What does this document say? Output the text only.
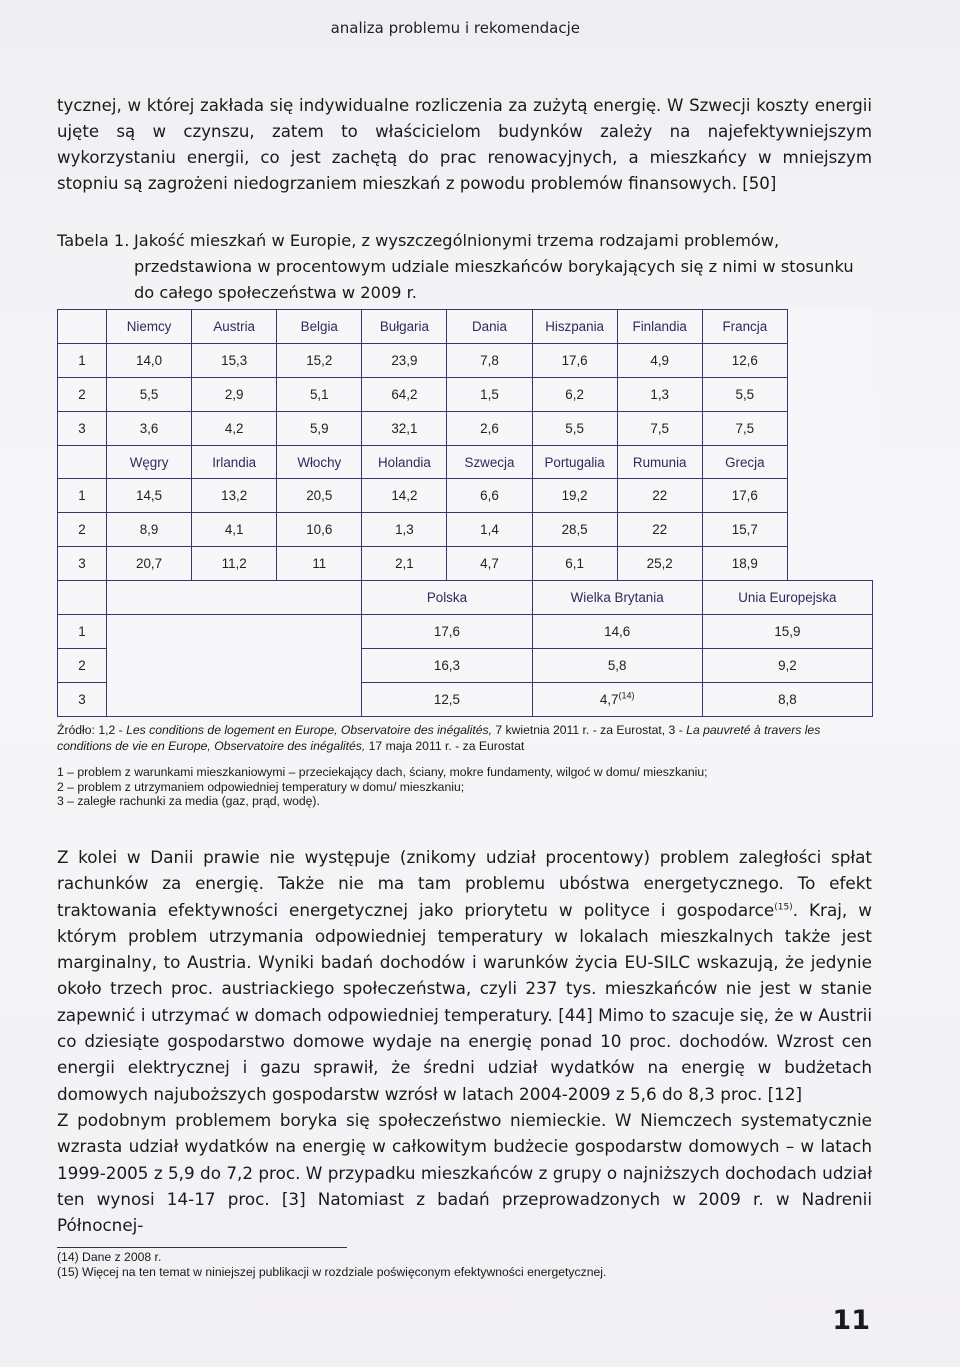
analiza problemu i rekomendacje
tycznej, w której zakłada się indywidualne rozliczenia za zużytą energię. W Szwecji koszty energii ujęte są w czynszu, zatem to właścicielom budynków zależy na najefektywniejszym wykorzystaniu energii, co jest zachętą do prac renowacyjnych, a mieszkańcy w mniejszym stopniu są zagrożeni niedogrzaniem mieszkań z powodu problemów finansowych. [50]
Tabela 1. Jakość mieszkań w Europie, z wyszczególnionymi trzema rodzajami problemów, przedstawiona w procentowym udziale mieszkańców borykających się z nimi w stosunku do całego społeczeństwa w 2009 r.
	Niemcy	Austria	Belgia	Bułgaria	Dania	Hiszpania	Finlandia	Francja
1	14,0	15,3	15,2	23,9	7,8	17,6	4,9	12,6
2	5,5	2,9	5,1	64,2	1,5	6,2	1,3	5,5
3	3,6	4,2	5,9	32,1	2,6	5,5	7,5	7,5
	Węgry	Irlandia	Włochy	Holandia	Szwecja	Portugalia	Rumunia	Grecja
1	14,5	13,2	20,5	14,2	6,6	19,2	22	17,6
2	8,9	4,1	10,6	1,3	1,4	28,5	22	15,7
3	20,7	11,2	11	2,1	4,7	6,1	25,2	18,9
				Polska		Wielka Brytania		Unia Europejska
1				17,6		14,6		15,9
2				16,3		5,8		9,2
3				12,5		4,7$^{(14)}$		8,8
Źródło: 1,2 - Les conditions de logement en Europe, Observatoire des inégalités, 7 kwietnia 2011 r. - za Eurostat, 3 - La pauvreté à travers les conditions de vie en Europe, Observatoire des inégalités, 17 maja 2011 r. - za Eurostat
1 – problem z warunkami mieszkaniowymi – przeciekający dach, ściany, mokre fundamenty, wilgoć w domu/ mieszkaniu;
2 – problem z utrzymaniem odpowiedniej temperatury w domu/ mieszkaniu;
3 – zaległe rachunki za media (gaz, prąd, wodę).

Z kolei w Danii prawie nie występuje (znikomy udział procentowy) problem zaległości spłat rachunków za energię. Także nie ma tam problemu ubóstwa energetycznego. To efekt traktowania efektywności energetycznej jako priorytetu w polityce i gospodarce$^{(15)}$. Kraj, w którym problem utrzymania odpowiedniej temperatury w lokalach mieszkalnych także jest marginalny, to Austria. Wyniki badań dochodów i warunków życia EU-SILC wskazują, że jedynie około trzech proc. austriackiego społeczeństwa, czyli 237 tys. mieszkańców nie jest w stanie zapewnić i utrzymać w domach odpowiedniej temperatury. [44] Mimo to szacuje się, że w Austrii co dziesiąte gospodarstwo domowe wydaje na energię ponad 10 proc. dochodów. Wzrost cen energii elektrycznej i gazu sprawił, że średni udział wydatków na energię w budżetach domowych najuboższych gospodarstw wzrósł w latach 2004-2009 z 5,6 do 8,3 proc. [12]

Z podobnym problemem boryka się społeczeństwo niemieckie. W Niemczech systematycznie wzrasta udział wydatków na energię w całkowitym budżecie gospodarstw domowych – w latach 1999-2005 z 5,9 do 7,2 proc. W przypadku mieszkańców z grupy o najniższych dochodach udział ten wynosi 14-17 proc. [3] Natomiast z badań przeprowadzonych w 2009 r. w Nadrenii Północnej-

(14) Dane z 2008 r.
(15) Więcej na ten temat w niniejszej publikacji w rozdziale poświęconym efektywności energetycznej.
11
